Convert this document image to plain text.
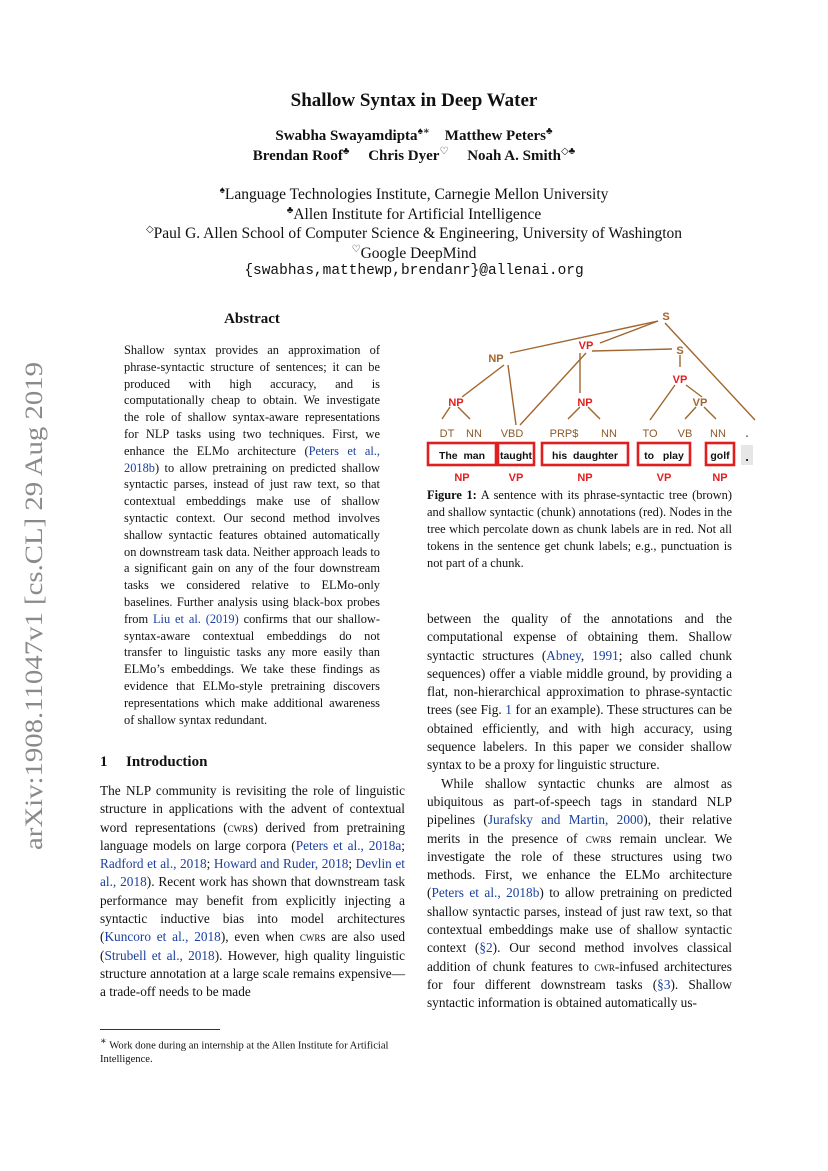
arXiv:1908.11047v1 [cs.CL] 29 Aug 2019
Shallow Syntax in Deep Water
Swabha Swayamdipta♠∗ Matthew Peters♣
Brendan Roof♣ Chris Dyer♡ Noah A. Smith◇♣
♠Language Technologies Institute, Carnegie Mellon University
♣Allen Institute for Artificial Intelligence
◇Paul G. Allen School of Computer Science & Engineering, University of Washington
♡Google DeepMind
{swabhas,matthewp,brendanr}@allenai.org
Abstract
Shallow syntax provides an approximation of phrase-syntactic structure of sentences; it can be produced with high accuracy, and is computationally cheap to obtain. We investigate the role of shallow syntax-aware representations for NLP tasks using two techniques. First, we enhance the ELMo architecture (Peters et al., 2018b) to allow pretraining on predicted shallow syntactic parses, instead of just raw text, so that contextual embeddings make use of shallow syntactic context. Our second method involves shallow syntactic features obtained automatically on downstream task data. Neither approach leads to a significant gain on any of the four downstream tasks we considered relative to ELMo-only baselines. Further analysis using black-box probes from Liu et al. (2019) confirms that our shallow-syntax-aware contextual embeddings do not transfer to linguistic tasks any more easily than ELMo’s embeddings. We take these findings as evidence that ELMo-style pretraining discovers representations which make additional awareness of shallow syntax redundant.
1 Introduction
The NLP community is revisiting the role of linguistic structure in applications with the advent of contextual word representations (cwrs) derived from pretraining language models on large corpora (Peters et al., 2018a; Radford et al., 2018; Howard and Ruder, 2018; Devlin et al., 2018). Recent work has shown that downstream task performance may benefit from explicitly injecting a syntactic inductive bias into model architectures (Kuncoro et al., 2018), even when cwrs are also used (Strubell et al., 2018). However, high quality linguistic structure annotation at a large scale remains expensive—a trade-off needs to be made
∗ Work done during an internship at the Allen Institute for Artificial Intelligence.
S
NP
VP	S
VP
NP	NP	VP
DT NN VBD PRP$ NN TO VB NN .
The  man taught his  daughter to   play	golf
NP	VP	NP	VP	NP
.
Figure 1: A sentence with its phrase-syntactic tree (brown) and shallow syntactic (chunk) annotations (red). Nodes in the tree which percolate down as chunk labels are in red. Not all tokens in the sentence get chunk labels; e.g., punctuation is not part of a chunk.

between the quality of the annotations and the computational expense of obtaining them. Shallow syntactic structures (Abney, 1991; also called chunk sequences) offer a viable middle ground, by providing a flat, non-hierarchical approximation to phrase-syntactic trees (see Fig. 1 for an example). These structures can be obtained efficiently, and with high accuracy, using sequence labelers. In this paper we consider shallow syntax to be a proxy for linguistic structure.

While shallow syntactic chunks are almost as ubiquitous as part-of-speech tags in standard NLP pipelines (Jurafsky and Martin, 2000), their relative merits in the presence of cwrs remain unclear. We investigate the role of these structures using two methods. First, we enhance the ELMo architecture (Peters et al., 2018b) to allow pretraining on predicted shallow syntactic parses, instead of just raw text, so that contextual embeddings make use of shallow syntactic context (§2). Our second method involves classical addition of chunk features to cwr-infused architectures for four different downstream tasks (§3). Shallow syntactic information is obtained automatically us-
